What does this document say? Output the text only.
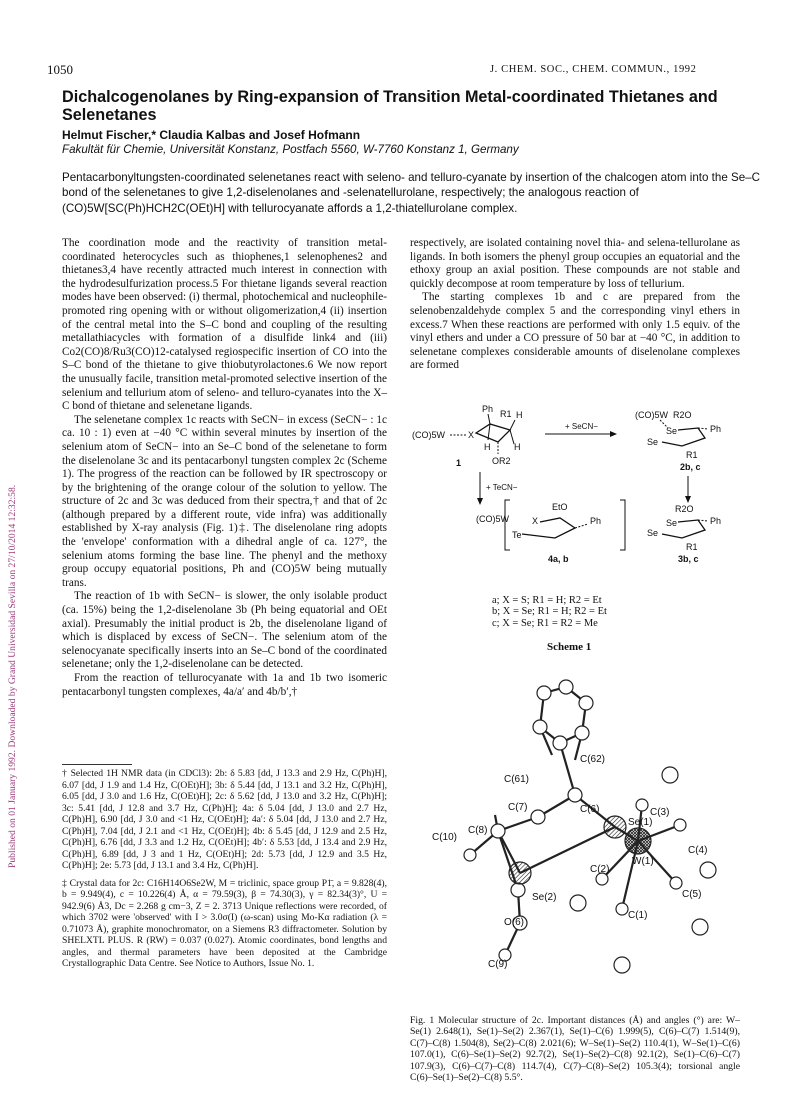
1050	J. CHEM. SOC., CHEM. COMMUN., 1992
Dichalcogenolanes by Ring-expansion of Transition Metal-coordinated Thietanes and Selenetanes
Helmut Fischer,* Claudia Kalbas and Josef Hofmann
Fakultät für Chemie, Universität Konstanz, Postfach 5560, W-7760 Konstanz 1, Germany
Pentacarbonyltungsten-coordinated selenetanes react with seleno- and telluro-cyanate by insertion of the chalcogen atom into the Se–C bond of the selenetanes to give 1,2-diselenolanes and -selenatellurolane, respectively; the analogous reaction of (CO)5W[SC(Ph)HCH2C(OEt)H] with tellurocyanate affords a 1,2-thiatellurolane complex.
Published on 01 January 1992. Downloaded by Grand Universidad Sevilla on 27/10/2014 12:32:58.

The coordination mode and the reactivity of transition metal-coordinated heterocycles such as thiophenes,1 selenophenes2 and thietanes3,4 have recently attracted much interest in connection with the hydrodesulfurization process.5 For thietane ligands several reaction modes have been observed: (i) thermal, photochemical and nucleophile-promoted ring opening with or without oligomerization,4 (ii) insertion of the central metal into the S–C bond and coupling of the resulting metallathiacycles with formation of a disulfide link4 and (iii) Co2(CO)8/Ru3(CO)12-catalysed regiospecific insertion of CO into the S–C bond of the thietane to give thiobutyrolactones.6 We now report the unusually facile, transition metal-promoted selective insertion of the selenium and tellurium atom of seleno- and telluro-cyanates into the X–C bond of thietane and selenetane ligands.

The selenetane complex 1c reacts with SeCN− in excess (SeCN− : 1c ca. 10 : 1) even at −40 °C within several minutes by insertion of the selenium atom of SeCN− into an Se–C bond of the selenetane to form the diselenolane 3c and its pentacarbonyl tungsten complex 2c (Scheme 1). The progress of the reaction can be followed by IR spectroscopy or by the brightening of the orange colour of the solution to yellow. The structure of 2c and 3c was deduced from their spectra,† and that of 2c (although prepared by a different route, vide infra) was additionally established by X-ray analysis (Fig. 1)‡. The diselenolane ring adopts the 'envelope' conformation with a dihedral angle of ca. 127°, the selenium atoms forming the base line. The phenyl and the methoxy group occupy equatorial positions, Ph and (CO)5W being mutually trans.

The reaction of 1b with SeCN− is slower, the only isolable product (ca. 15%) being the 1,2-diselenolane 3b (Ph being equatorial and OEt axial). Presumably the initial product is 2b, the diselenolane ligand of which is displaced by excess of SeCN−. The selenium atom of the selenocyanate specifically inserts into an Se–C bond of the coordinated selenetane; only the 1,2-diselenolane can be detected.

From the reaction of tellurocyanate with 1a and 1b two isomeric pentacarbonyl tungsten complexes, 4a/a′ and 4b/b′,†

† Selected 1H NMR data (in CDCl3): 2b: δ 5.83 [dd, J 13.3 and 2.9 Hz, C(Ph)H], 6.07 [dd, J 1.9 and 1.4 Hz, C(OEt)H]; 3b: δ 5.44 [dd, J 13.1 and 3.2 Hz, C(Ph)H], 6.05 [dd, J 3.0 and 1.6 Hz, C(OEt)H]; 2c: δ 5.62 [dd, J 13.0 and 3.2 Hz, C(Ph)H]; 3c: 5.41 [dd, J 12.8 and 3.7 Hz, C(Ph)H]; 4a: δ 5.04 [dd, J 13.0 and 2.7 Hz, C(Ph)H], 6.90 [dd, J 3.0 and <1 Hz, C(OEt)H]; 4a′: δ 5.04 [dd, J 13.0 and 2.7 Hz, C(Ph)H], 7.04 [dd, J 2.1 and <1 Hz, C(OEt)H]; 4b: δ 5.45 [dd, J 12.9 and 2.5 Hz, C(Ph)H], 6.76 [dd, J 3.3 and 1.2 Hz, C(OEt)H]; 4b′: δ 5.53 [dd, J 13.4 and 2.9 Hz, C(Ph)H], 6.89 [dd, J 3 and 1 Hz, C(OEt)H]; 2d: 5.73 [dd, J 12.9 and 3.5 Hz, C(Ph)H]; 2e: 5.73 [dd, J 13.1 and 3.4 Hz, C(Ph)H].

‡ Crystal data for 2c: C16H14O6Se2W, M = triclinic, space group P1̄, a = 9.828(4), b = 9.949(4), c = 10.226(4) Å, α = 79.59(3), β = 74.30(3), γ = 82.34(3)°, U = 942.9(6) Å3, Dc = 2.268 g cm−3, Z = 2. 3713 Unique reflections were recorded, of which 3702 were 'observed' with I > 3.0σ(I) (ω-scan) using Mo-Kα radiation (λ = 0.71073 Å), graphite monochromator, on a Siemens R3 diffractometer. Solution by SHELXTL PLUS. R (RW) = 0.037 (0.027). Atomic coordinates, bond lengths and angles, and thermal parameters have been deposited at the Cambridge Crystallographic Data Centre. See Notice to Authors, Issue No. 1.

respectively, are isolated containing novel thia- and selena-tellurolane as ligands. In both isomers the phenyl group occupies an equatorial and the ethoxy group an axial position. These compounds are not stable and quickly decompose at room temperature by loss of tellurium.

The starting complexes 1b and c are prepared from the selenobenzaldehyde complex 5 and the corresponding vinyl ethers in excess.7 When these reactions are performed with only 1.5 equiv. of the vinyl ethers and under a CO pressure of 50 bar at −40 °C, in addition to selenetane complexes considerable amounts of diselenolane complexes are formed

(CO)5W	X
Ph R1 H
H	H
OR2
1
+ SeCN−
(CO)5W R2O
Se
Se
Ph
R1
2b, c
R2O
Se
Se
Ph
R1
3b, c
+ TeCN−
(CO)5W
EtO
X
Te
Ph
4a, b
a; X = S; R1 = H; R2 = Et
b; X = Se; R1 = H; R2 = Et
c; X = Se; R1 = R2 = Me
Scheme 1
C(61)
C(62)
C(7)	C(6)
Se(1)
C(3)
C(10)
C(8)
W(1)
C(4)
Se(2)
C(2)
O(6)
C(5)
C(1)
C(9)
Fig. 1 Molecular structure of 2c. Important distances (Å) and angles (°) are: W–Se(1) 2.648(1), Se(1)–Se(2) 2.367(1), Se(1)–C(6) 1.999(5), C(6)–C(7) 1.514(9), C(7)–C(8) 1.504(8), Se(2)–C(8) 2.021(6); W–Se(1)–Se(2) 110.4(1), W–Se(1)–C(6) 107.0(1), C(6)–Se(1)–Se(2) 92.7(2), Se(1)–Se(2)–C(8) 92.1(2), Se(1)–C(6)–C(7) 107.9(3), C(6)–C(7)–C(8) 114.7(4), C(7)–C(8)–Se(2) 105.3(4); torsional angle C(6)–Se(1)–Se(2)–C(8) 5.5°.
